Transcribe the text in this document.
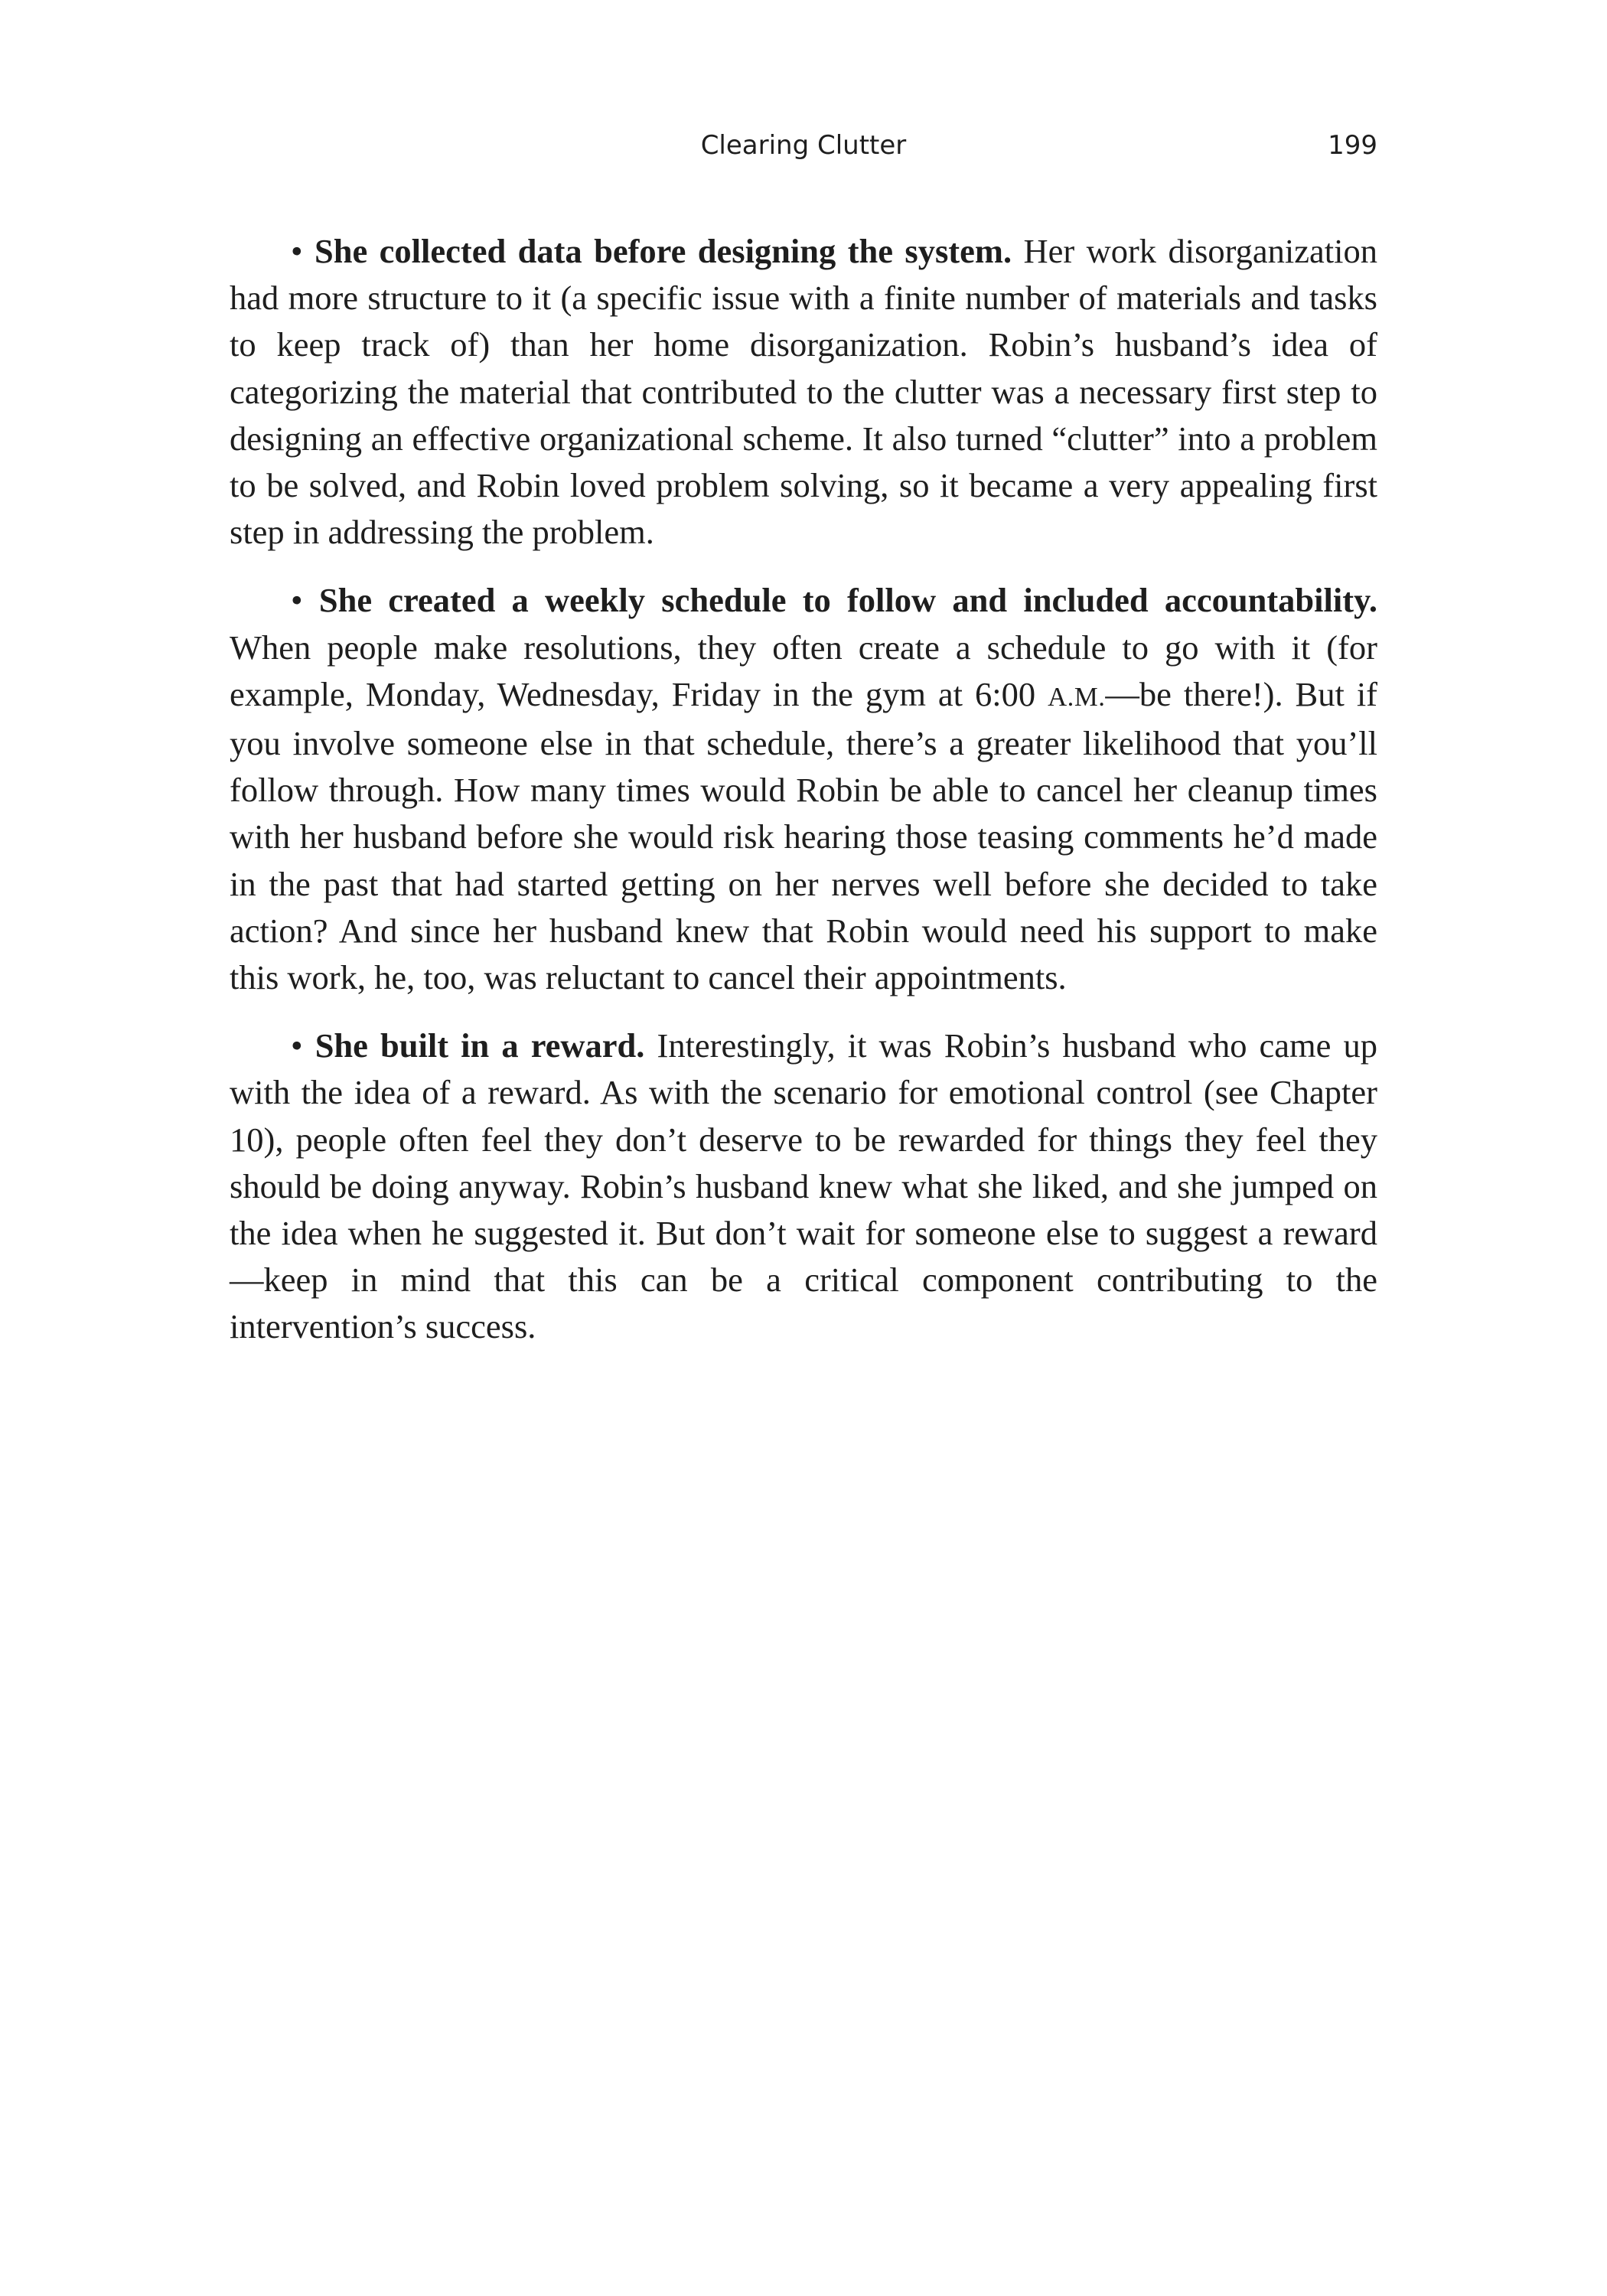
Clearing Clutter	199

• She collected data before designing the system. Her work disorganization had more structure to it (a specific issue with a finite number of materials and tasks to keep track of) than her home disorganization. Robin’s husband’s idea of categorizing the material that contributed to the clutter was a necessary first step to designing an effective organizational scheme. It also turned “clutter” into a problem to be solved, and Robin loved problem solving, so it became a very appealing first step in addressing the problem.

• She created a weekly schedule to follow and included accountability. When people make resolutions, they often create a schedule to go with it (for example, Monday, Wednesday, Friday in the gym at 6:00 A.M.—be there!). But if you involve someone else in that schedule, there’s a greater likelihood that you’ll follow through. How many times would Robin be able to cancel her cleanup times with her husband before she would risk hearing those teasing comments he’d made in the past that had started getting on her nerves well before she decided to take action? And since her husband knew that Robin would need his support to make this work, he, too, was reluctant to cancel their appointments.

• She built in a reward. Interestingly, it was Robin’s husband who came up with the idea of a reward. As with the scenario for emotional control (see Chapter 10), people often feel they don’t deserve to be rewarded for things they feel they should be doing anyway. Robin’s husband knew what she liked, and she jumped on the idea when he suggested it. But don’t wait for someone else to suggest a reward—keep in mind that this can be a critical component contributing to the intervention’s success.
